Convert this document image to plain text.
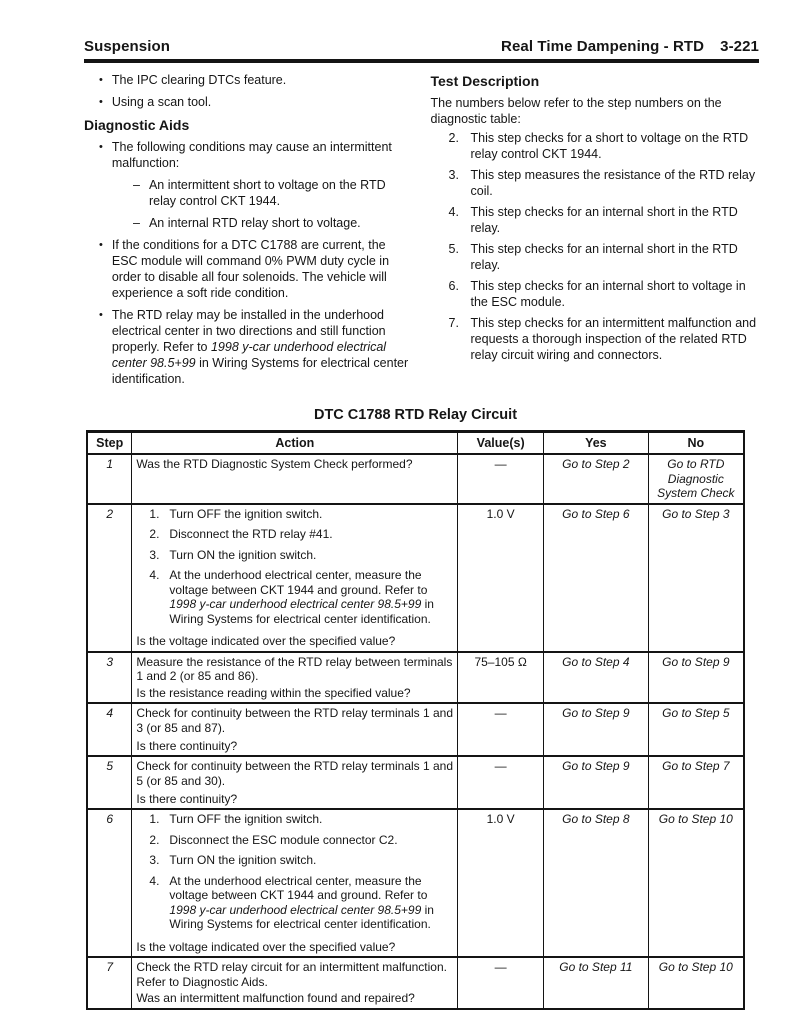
Suspension	Real Time Dampening - RTD 3-221
• The IPC clearing DTCs feature.
• Using a scan tool.
Diagnostic Aids
• The following conditions may cause an intermittent malfunction:
– An intermittent short to voltage on the RTD relay control CKT 1944.
– An internal RTD relay short to voltage.
• If the conditions for a DTC C1788 are current, the ESC module will command 0% PWM duty cycle in order to disable all four solenoids. The vehicle will experience a soft ride condition.
• The RTD relay may be installed in the underhood electrical center in two directions and still function properly. Refer to 1998 y-car underhood electrical center 98.5+99 in Wiring Systems for electrical center identification.
Test Description

The numbers below refer to the step numbers on the diagnostic table:

2. This step checks for a short to voltage on the RTD relay control CKT 1944.
3. This step measures the resistance of the RTD relay coil.
4. This step checks for an internal short in the RTD relay.
5. This step checks for an internal short in the RTD relay.
6. This step checks for an internal short to voltage in the ESC module.
7. This step checks for an intermittent malfunction and requests a thorough inspection of the related RTD relay circuit wiring and connectors.
DTC C1788 RTD Relay Circuit
Step	Action	Value(s)	Yes	No
1	Was the RTD Diagnostic System Check performed?	—	Go to Step 2	Go to RTD Diagnostic System Check
2	1. Turn OFF the ignition switch.
2. Disconnect the RTD relay #41.
3. Turn ON the ignition switch.
4. At the underhood electrical center, measure the voltage between CKT 1944 and ground. Refer to 1998 y-car underhood electrical center 98.5+99 in Wiring Systems for electrical center identification.
Is the voltage indicated over the specified value?
	1.0 V	Go to Step 6	Go to Step 3
3	Measure the resistance of the RTD relay between terminals 1 and 2 (or 85 and 86).
Is the resistance reading within the specified value?	75–105 Ω	Go to Step 4	Go to Step 9
4	Check for continuity between the RTD relay terminals 1 and 3 (or 85 and 87).
Is there continuity?	—	Go to Step 9	Go to Step 5
5	Check for continuity between the RTD relay terminals 1 and 5 (or 85 and 30).
Is there continuity?	—	Go to Step 9	Go to Step 7
6	1. Turn OFF the ignition switch.
2. Disconnect the ESC module connector C2.
3. Turn ON the ignition switch.
4. At the underhood electrical center, measure the voltage between CKT 1944 and ground. Refer to 1998 y-car underhood electrical center 98.5+99 in Wiring Systems for electrical center identification.
Is the voltage indicated over the specified value?
	1.0 V	Go to Step 8	Go to Step 10
7	Check the RTD relay circuit for an intermittent malfunction. Refer to Diagnostic Aids.
Was an intermittent malfunction found and repaired?	—	Go to Step 11	Go to Step 10
